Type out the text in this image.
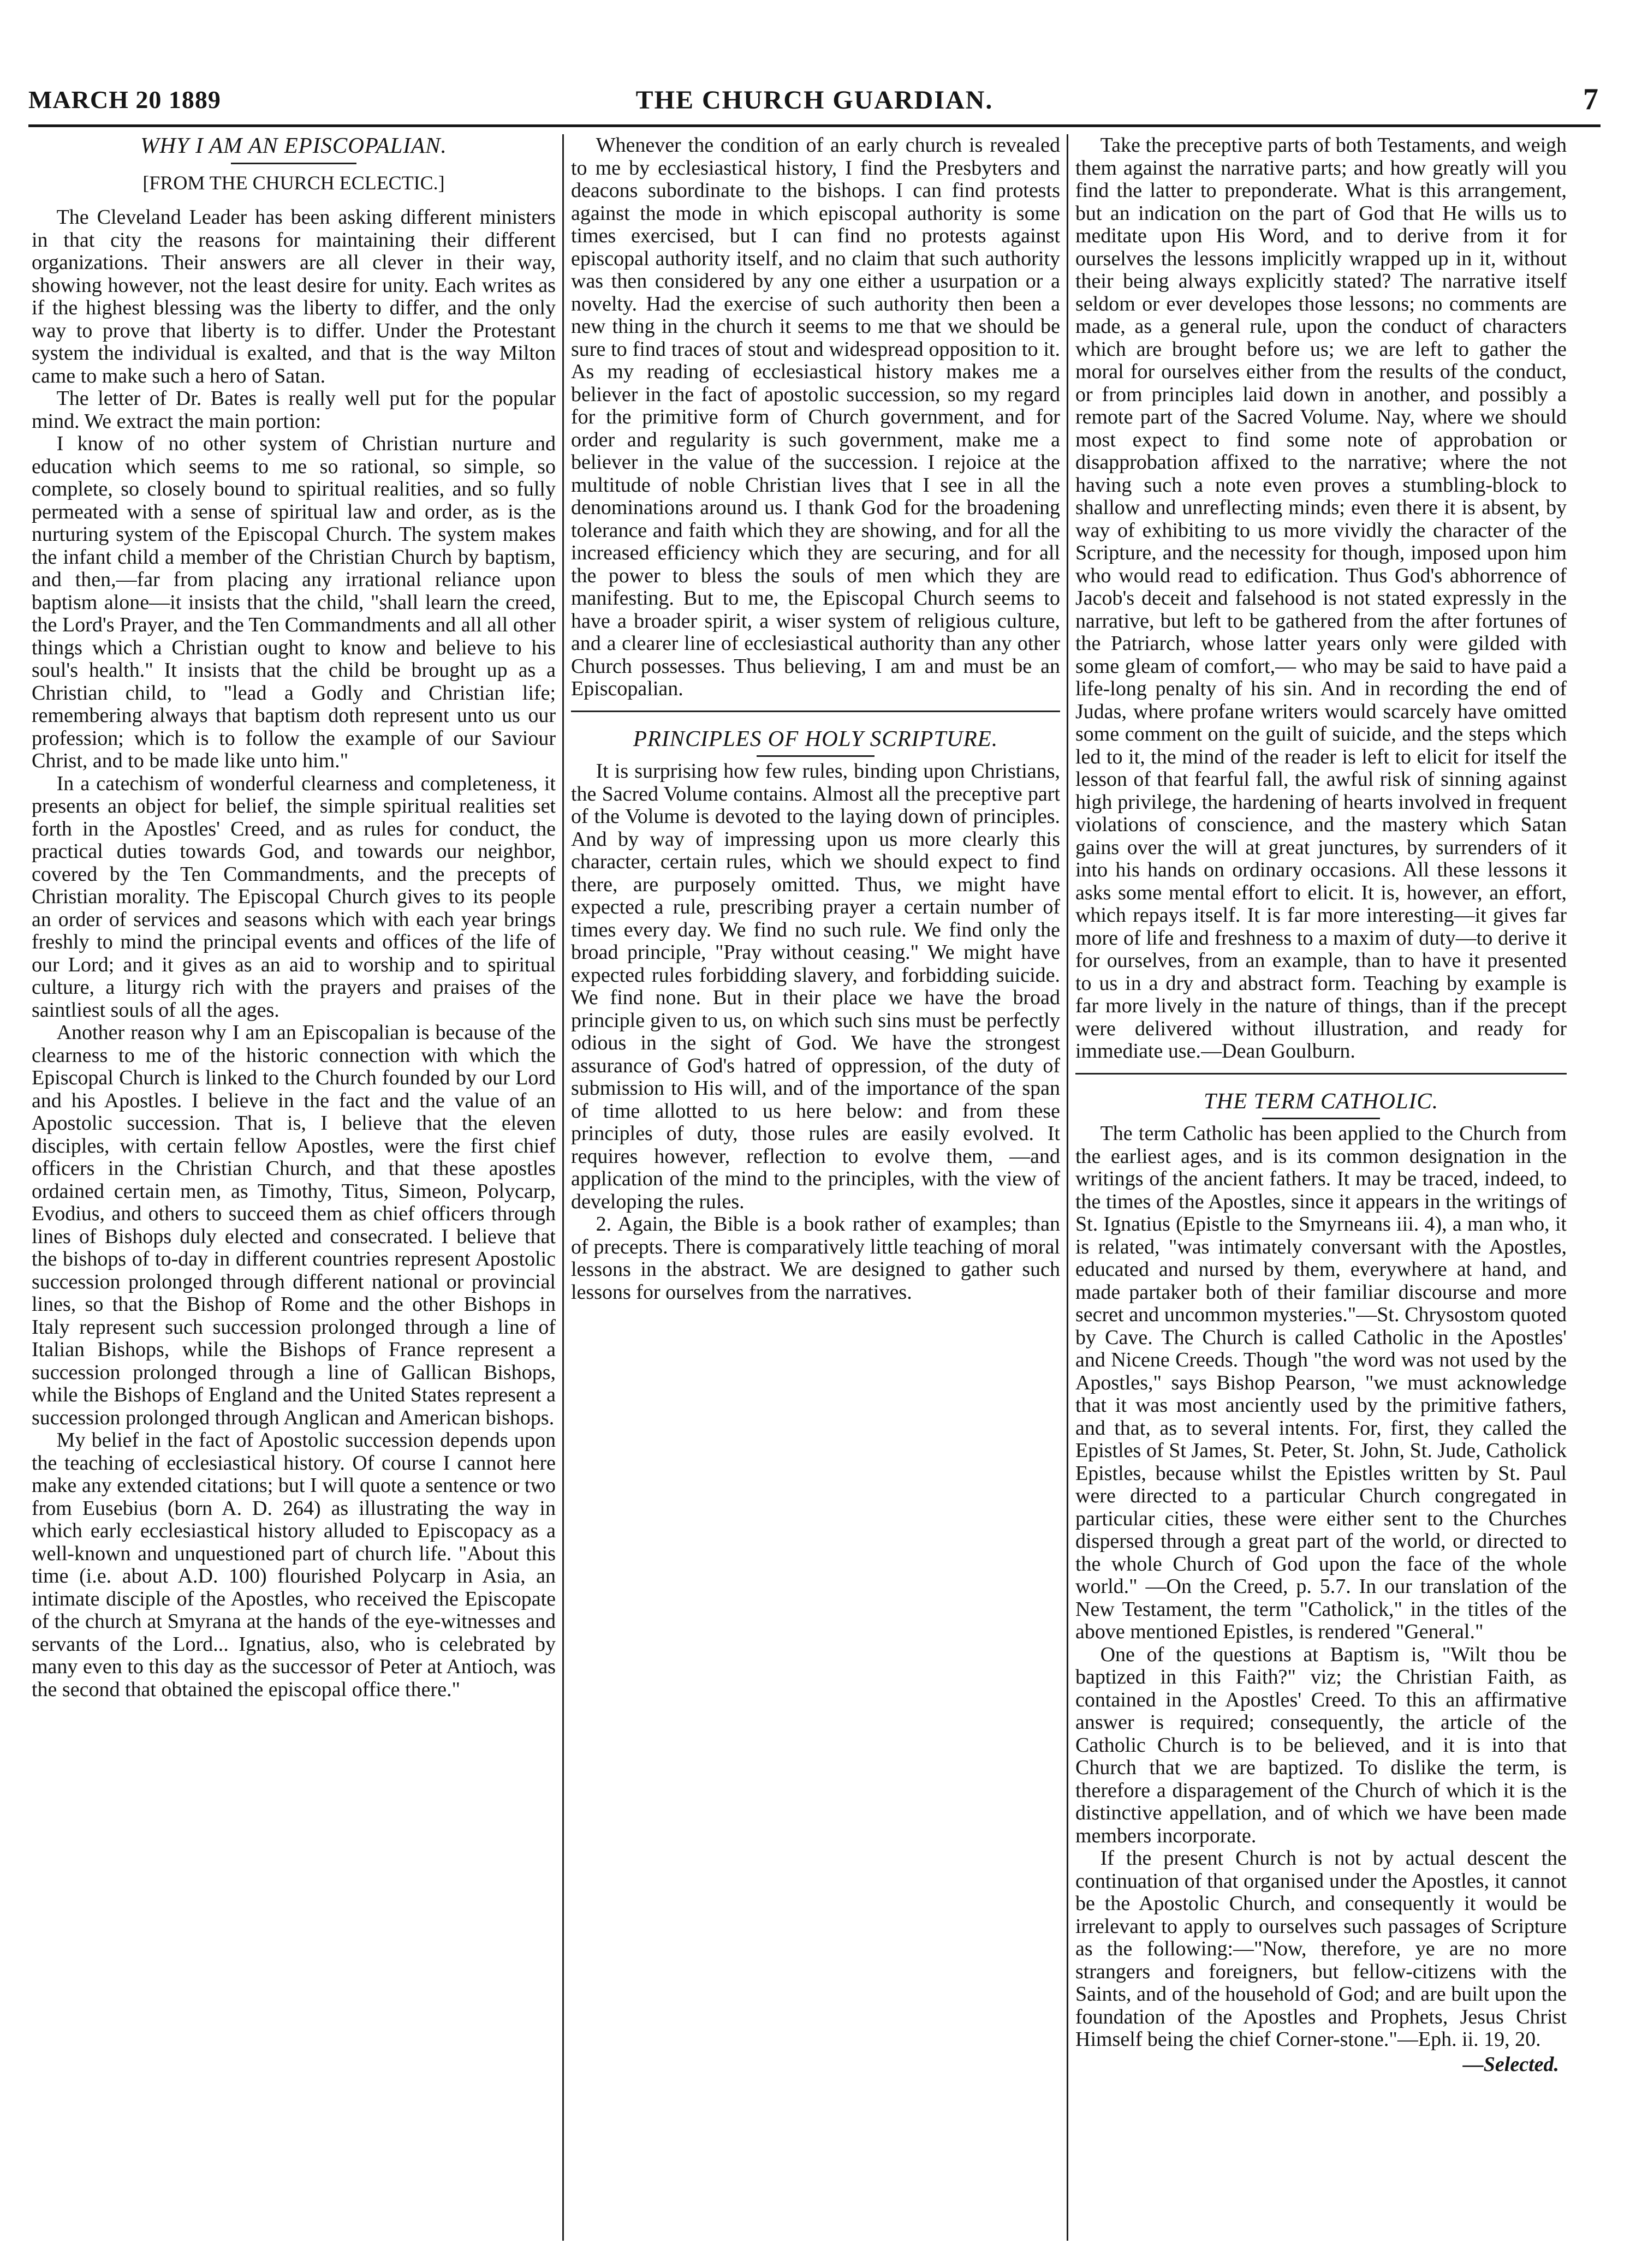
MARCH 20 1889	THE CHURCH GUARDIAN.	7
WHY I AM AN EPISCOPALIAN.
[FROM THE CHURCH ECLECTIC.]

The Cleveland Leader has been asking different ministers in that city the reasons for maintaining their different organizations. Their answers are all clever in their way, showing however, not the least desire for unity. Each writes as if the highest blessing was the liberty to differ, and the only way to prove that liberty is to differ. Under the Protestant system the individual is exalted, and that is the way Milton came to make such a hero of Satan.

The letter of Dr. Bates is really well put for the popular mind. We extract the main portion:

I know of no other system of Christian nurture and education which seems to me so rational, so simple, so complete, so closely bound to spiritual realities, and so fully permeated with a sense of spiritual law and order, as is the nurturing system of the Episcopal Church. The system makes the infant child a member of the Christian Church by baptism, and then,—far from placing any irrational reliance upon baptism alone—it insists that the child, "shall learn the creed, the Lord's Prayer, and the Ten Commandments and all all other things which a Christian ought to know and believe to his soul's health." It insists that the child be brought up as a Christian child, to "lead a Godly and Christian life; remembering always that baptism doth represent unto us our profession; which is to follow the example of our Saviour Christ, and to be made like unto him."

In a catechism of wonderful clearness and completeness, it presents an object for belief, the simple spiritual realities set forth in the Apostles' Creed, and as rules for conduct, the practical duties towards God, and towards our neighbor, covered by the Ten Commandments, and the precepts of Christian morality. The Episcopal Church gives to its people an order of services and seasons which with each year brings freshly to mind the principal events and offices of the life of our Lord; and it gives as an aid to worship and to spiritual culture, a liturgy rich with the prayers and praises of the saintliest souls of all the ages.

Another reason why I am an Episcopalian is because of the clearness to me of the historic connection with which the Episcopal Church is linked to the Church founded by our Lord and his Apostles. I believe in the fact and the value of an Apostolic succession. That is, I believe that the eleven disciples, with certain fellow Apostles, were the first chief officers in the Christian Church, and that these apostles ordained certain men, as Timothy, Titus, Simeon, Polycarp, Evodius, and others to succeed them as chief officers through lines of Bishops duly elected and consecrated. I believe that the bishops of to-day in different countries represent Apostolic succession prolonged through different national or provincial lines, so that the Bishop of Rome and the other Bishops in Italy represent such succession prolonged through a line of Italian Bishops, while the Bishops of France represent a succession prolonged through a line of Gallican Bishops, while the Bishops of England and the United States represent a succession prolonged through Anglican and American bishops.

My belief in the fact of Apostolic succession depends upon the teaching of ecclesiastical history. Of course I cannot here make any extended citations; but I will quote a sentence or two from Eusebius (born A. D. 264) as illustrating the way in which early ecclesiastical history alluded to Episcopacy as a well-known and unquestioned part of church life. "About this time (i.e. about A.D. 100) flourished Polycarp in Asia, an intimate disciple of the Apostles, who received the Episcopate of the church at Smyrana at the hands of the eye-witnesses and servants of the Lord... Ignatius, also, who is celebrated by many even to this day as the successor of Peter at Antioch, was the second that obtained the episcopal office there."

Whenever the condition of an early church is revealed to me by ecclesiastical history, I find the Presbyters and deacons subordinate to the bishops. I can find protests against the mode in which episcopal authority is some times exercised, but I can find no protests against episcopal authority itself, and no claim that such authority was then considered by any one either a usurpation or a novelty. Had the exercise of such authority then been a new thing in the church it seems to me that we should be sure to find traces of stout and widespread opposition to it. As my reading of ecclesiastical history makes me a believer in the fact of apostolic succession, so my regard for the primitive form of Church government, and for order and regularity is such government, make me a believer in the value of the succession. I rejoice at the multitude of noble Christian lives that I see in all the denominations around us. I thank God for the broadening tolerance and faith which they are showing, and for all the increased efficiency which they are securing, and for all the power to bless the souls of men which they are manifesting. But to me, the Episcopal Church seems to have a broader spirit, a wiser system of religious culture, and a clearer line of ecclesiastical authority than any other Church possesses. Thus believing, I am and must be an Episcopalian.

PRINCIPLES OF HOLY SCRIPTURE.

It is surprising how few rules, binding upon Christians, the Sacred Volume contains. Almost all the preceptive part of the Volume is devoted to the laying down of principles. And by way of impressing upon us more clearly this character, certain rules, which we should expect to find there, are purposely omitted. Thus, we might have expected a rule, prescribing prayer a certain number of times every day. We find no such rule. We find only the broad principle, "Pray without ceasing." We might have expected rules forbidding slavery, and forbidding suicide. We find none. But in their place we have the broad principle given to us, on which such sins must be perfectly odious in the sight of God. We have the strongest assurance of God's hatred of oppression, of the duty of submission to His will, and of the importance of the span of time allotted to us here below: and from these principles of duty, those rules are easily evolved. It requires however, reflection to evolve them, —and application of the mind to the principles, with the view of developing the rules.

2. Again, the Bible is a book rather of examples; than of precepts. There is comparatively little teaching of moral lessons in the abstract. We are designed to gather such lessons for ourselves from the narratives.

Take the preceptive parts of both Testaments, and weigh them against the narrative parts; and how greatly will you find the latter to preponderate. What is this arrangement, but an indication on the part of God that He wills us to meditate upon His Word, and to derive from it for ourselves the lessons implicitly wrapped up in it, without their being always explicitly stated? The narrative itself seldom or ever developes those lessons; no comments are made, as a general rule, upon the conduct of characters which are brought before us; we are left to gather the moral for ourselves either from the results of the conduct, or from principles laid down in another, and possibly a remote part of the Sacred Volume. Nay, where we should most expect to find some note of approbation or disapprobation affixed to the narrative; where the not having such a note even proves a stumbling-block to shallow and unreflecting minds; even there it is absent, by way of exhibiting to us more vividly the character of the Scripture, and the necessity for though, imposed upon him who would read to edification. Thus God's abhorrence of Jacob's deceit and falsehood is not stated expressly in the narrative, but left to be gathered from the after fortunes of the Patriarch, whose latter years only were gilded with some gleam of comfort,— who may be said to have paid a life-long penalty of his sin. And in recording the end of Judas, where profane writers would scarcely have omitted some comment on the guilt of suicide, and the steps which led to it, the mind of the reader is left to elicit for itself the lesson of that fearful fall, the awful risk of sinning against high privilege, the hardening of hearts involved in frequent violations of conscience, and the mastery which Satan gains over the will at great junctures, by surrenders of it into his hands on ordinary occasions. All these lessons it asks some mental effort to elicit. It is, however, an effort, which repays itself. It is far more interesting—it gives far more of life and freshness to a maxim of duty—to derive it for ourselves, from an example, than to have it presented to us in a dry and abstract form. Teaching by example is far more lively in the nature of things, than if the precept were delivered without illustration, and ready for immediate use.—Dean Goulburn.

THE TERM CATHOLIC.

The term Catholic has been applied to the Church from the earliest ages, and is its common designation in the writings of the ancient fathers. It may be traced, indeed, to the times of the Apostles, since it appears in the writings of St. Ignatius (Epistle to the Smyrneans iii. 4), a man who, it is related, "was intimately conversant with the Apostles, educated and nursed by them, everywhere at hand, and made partaker both of their familiar discourse and more secret and uncommon mysteries."—St. Chrysostom quoted by Cave. The Church is called Catholic in the Apostles' and Nicene Creeds. Though "the word was not used by the Apostles," says Bishop Pearson, "we must acknowledge that it was most anciently used by the primitive fathers, and that, as to several intents. For, first, they called the Epistles of St James, St. Peter, St. John, St. Jude, Catholick Epistles, because whilst the Epistles written by St. Paul were directed to a particular Church congregated in particular cities, these were either sent to the Churches dispersed through a great part of the world, or directed to the whole Church of God upon the face of the whole world." —On the Creed, p. 5.7. In our translation of the New Testament, the term "Catholick," in the titles of the above mentioned Epistles, is rendered "General."

One of the questions at Baptism is, "Wilt thou be baptized in this Faith?" viz; the Christian Faith, as contained in the Apostles' Creed. To this an affirmative answer is required; consequently, the article of the Catholic Church is to be believed, and it is into that Church that we are baptized. To dislike the term, is therefore a disparagement of the Church of which it is the distinctive appellation, and of which we have been made members incorporate.

If the present Church is not by actual descent the continuation of that organised under the Apostles, it cannot be the Apostolic Church, and consequently it would be irrelevant to apply to ourselves such passages of Scripture as the following:—"Now, therefore, ye are no more strangers and foreigners, but fellow-citizens with the Saints, and of the household of God; and are built upon the foundation of the Apostles and Prophets, Jesus Christ Himself being the chief Corner-stone."—Eph. ii. 19, 20.

—Selected.
